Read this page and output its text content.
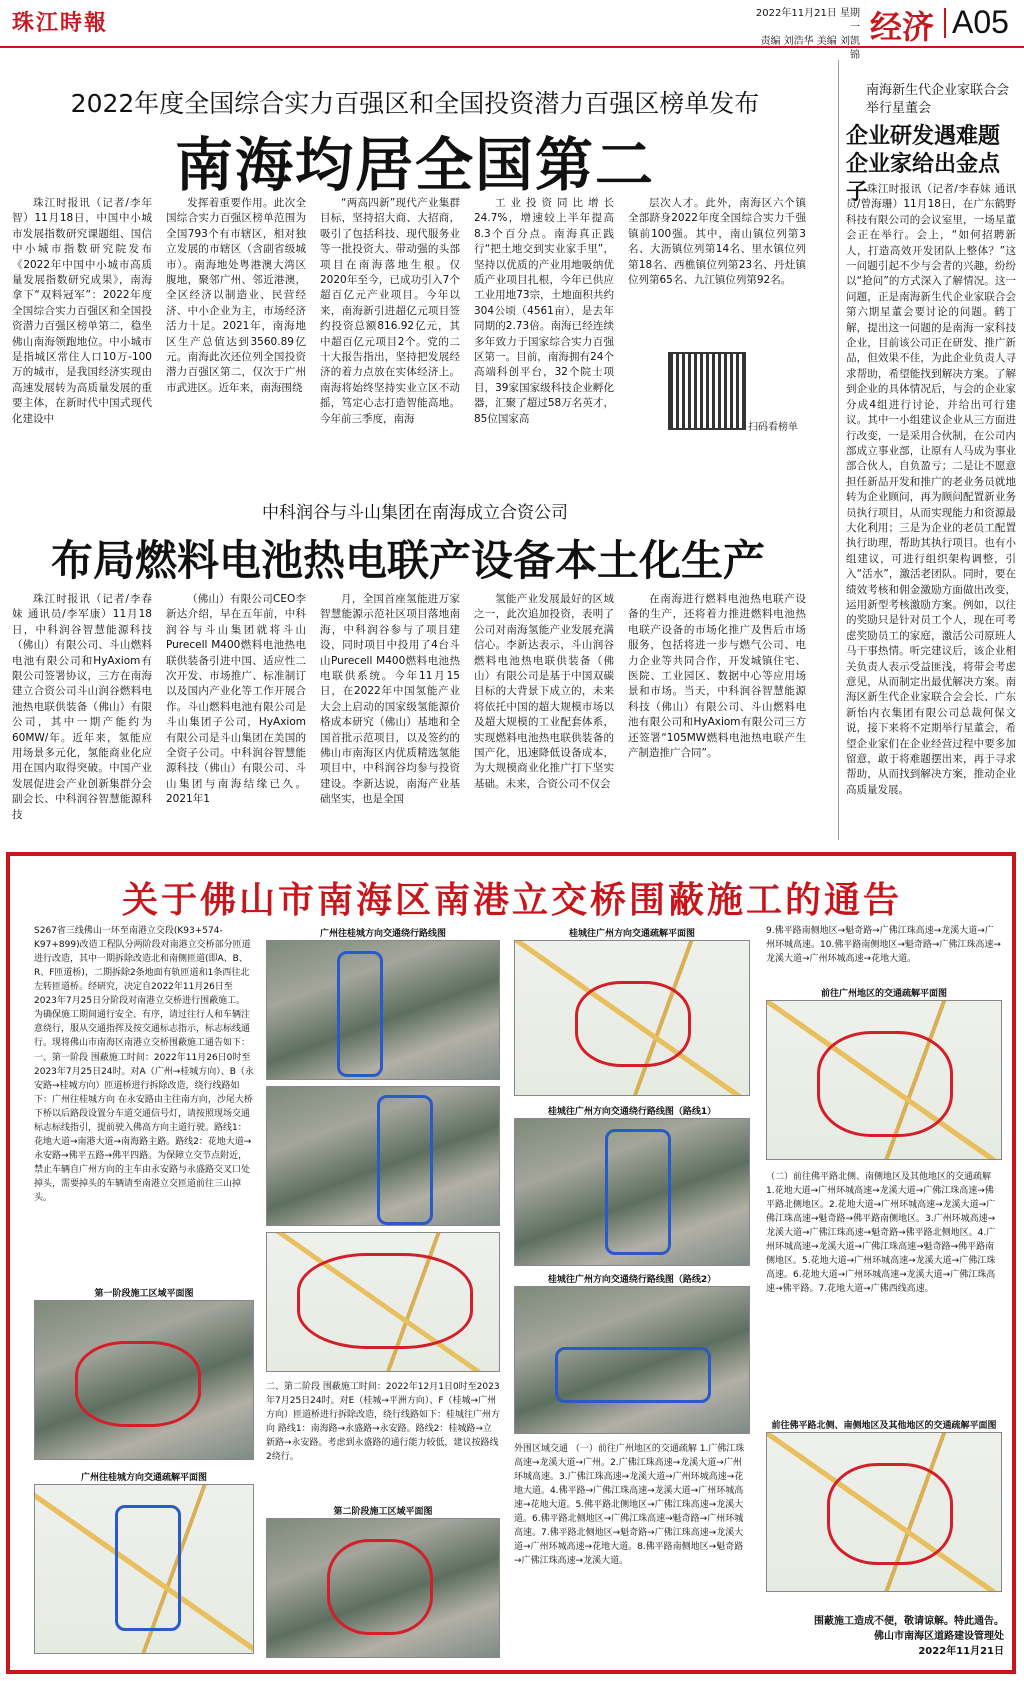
珠江時報	2022年11月21日 星期一
责编 刘浩华 美编 刘凯锦
经济 A05
2022年度全国综合实力百强区和全国投资潜力百强区榜单发布
南海均居全国第二

珠江时报讯（记者/李年智）11月18日，中国中小城市发展指数研究课题组、国信中小城市指数研究院发布《2022年中国中小城市高质量发展指数研究成果》，南海拿下“双料冠军”：2022年度全国综合实力百强区和全国投资潜力百强区榜单第二，稳坐佛山南海领跑地位。中小城市是指城区常住人口10万-100万的城市，是我国经济实现由高速发展转为高质量发展的重要主体，在新时代中国式现代化建设中

发挥着重要作用。此次全国综合实力百强区榜单范围为全国793个有市辖区，相对独立发展的市辖区（含副省级城市）。南海地处粤港澳大湾区腹地，聚邻广州、邻近港澳，全区经济以制造业、民营经济、中小企业为主，市场经济活力十足。2021年，南海地区生产总值达到3560.89亿元。南海此次还位列全国投资潜力百强区第二，仅次于广州市武进区。近年来，南海围绕

“两高四新”现代产业集群目标，坚持招大商、大招商，吸引了包括科技、现代服务业等一批投资大、带动强的头部项目在南海落地生根。仅2020年至今，已成功引入7个超百亿元产业项目。今年以来，南海新引进超亿元项目签约投资总额816.92亿元，其中超百亿元项目2个。党的二十大报告指出，坚持把发展经济的着力点放在实体经济上。南海将始终坚持实业立区不动摇，笃定心志打造智能高地。今年前三季度，南海

工业投资同比增长24.7%，增速较上半年提高8.3个百分点。南海真正践行“把土地交到实业家手里”，坚持以优质的产业用地吸纳优质产业项目扎根，今年已供应工业用地73宗，土地面积共约304公顷（4561亩），是去年同期的2.73倍。南海已经连续多年致力于国家综合实力百强区第一。目前，南海拥有24个高端科创平台，32个院士项目，39家国家级科技企业孵化器，汇聚了超过58万名英才，85位国家高

层次人才。此外，南海区六个镇全部跻身2022年度全国综合实力千强镇前100强。其中，南山镇位列第3名、大沥镇位列第14名、里水镇位列第18名、西樵镇位列第23名、丹灶镇位列第65名、九江镇位列第92名。

扫码看榜单
中科润谷与斗山集团在南海成立合资公司
布局燃料电池热电联产设备本土化生产

珠江时报讯（记者/李春妹 通讯员/李军康）11月18日，中科润谷智慧能源科技（佛山）有限公司、斗山燃料电池有限公司和HyAxiom有限公司签署协议，三方在南海建立合资公司斗山润谷燃料电池热电联供装备（佛山）有限公司，其中一期产能约为60MW/年。近年来，氢能应用场景多元化，氢能商业化应用在国内取得突破。中国产业发展促进会产业创新集群分会副会长、中科润谷智慧能源科技

（佛山）有限公司CEO李新达介绍，早在五年前，中科润谷与斗山集团就将斗山Purecell M400燃料电池热电联供装备引进中国、适应性二次开发、市场推广、标准制订以及国内产业化等工作开展合作。斗山燃料电池有限公司是斗山集团子公司，HyAxiom有限公司是斗山集团在美国的全资子公司。中科润谷智慧能源科技（佛山）有限公司、斗山集团与南海结缘已久。2021年1

月，全国首座氢能进万家智慧能源示范社区项目落地南海，中科润谷参与了项目建设，同时项目中投用了4台斗山Purecell M400燃料电池热电联供系统。今年11月15日，在2022年中国氢能产业大会上启动的国家级氢能源价格成本研究（佛山）基地和全国首批示范项目，以及签约的佛山市南海区内优质精选氢能项目中，中科润谷均参与投资建设。李新达说，南海产业基础坚实，也是全国

氢能产业发展最好的区域之一，此次追加投资，表明了公司对南海氢能产业发展充满信心。李新达表示，斗山润谷燃料电池热电联供装备（佛山）有限公司是基于中国双碳目标的大背景下成立的，未来将依托中国的超大规模市场以及超大规模的工业配套体系，实现燃料电池热电联供装备的国产化，迅速降低设备成本，为大规模商业化推广打下坚实基础。未来，合资公司不仅会

在南海进行燃料电池热电联产设备的生产，还将着力推进燃料电池热电联产设备的市场化推广及售后市场服务，包括将进一步与燃气公司、电力企业等共同合作，开发城镇住宅、医院、工业园区、数据中心等应用场景和市场。当天，中科润谷智慧能源科技（佛山）有限公司、斗山燃料电池有限公司和HyAxiom有限公司三方还签署“105MW燃料电池热电联产生产制造推广合同”。

南海新生代企业家联合会举行星董会
企业研发遇难题 企业家给出金点子

珠江时报讯（记者/李春妹 通讯员/曾海珊）11月18日，在广东鹤野科技有限公司的会议室里，一场星董会正在举行。会上，“如何招聘新人，打造高效开发团队上整体？”这一问题引起不少与会者的兴趣，纷纷以“抢问”的方式深入了解情况。这一问题，正是南海新生代企业家联合会第六期星董会要讨论的问题。鹤丁解，提出这一问题的是南海一家科技企业，目前该公司正在研发、推广新品，但效果不佳，为此企业负责人寻求帮助，希望能找到解决方案。了解到企业的具体情况后，与会的企业家分成4组进行讨论，并给出可行建议。其中一小组建议企业从三方面进行改变，一是采用合伙制，在公司内部成立事业部，让原有人马成为事业部合伙人，自负盈亏；二是让不愿意担任新品开发和推广的老业务员就地转为企业顾问，再为顾问配置新业务员执行项目，从而实现能力和资源最大化利用；三是为企业的老员工配置执行助理，帮助其执行项目。也有小组建议，可进行组织架构调整，引入“活水”，激活老团队。同时，要在绩效考核和佣金激励方面做出改变，运用新型考核激励方案。例如，以往的奖励只是针对员工个人，现在可考虑奖励员工的家庭，激活公司原班人马干事热情。听完建议后，该企业相关负责人表示受益匪浅，将带会考虑意见，从而制定出最优解决方案。南海区新生代企业家联合会会长、广东新怡内衣集团有限公司总裁何保文说，接下来将不定期举行星董会，希望企业家们在企业经营过程中要多加留意，敢于将难题摆出来，再于寻求帮助，从而找到解决方案，推动企业高质量发展。

关于佛山市南海区南港立交桥围蔽施工的通告

S267省三线佛山一环至南港立交段(K93+574-K97+899)改造工程队分两阶段对南港立交桥部分匝道进行改造，其中一期拆除改造北和南侧匝道(即A、B、R、F匝道桥)，二期拆除2条地面有轨匝道和1条西往北左转匝道桥。经研究，决定自2022年11月26日至2023年7月25日分阶段对南港立交桥进行围蔽施工。为确保施工期间通行安全、有序，请过往行人和车辆注意绕行，服从交通指挥及按交通标志指示，标志标线通行。现将佛山市南海区南港立交桥围蔽施工通告如下：

一、第一阶段 围蔽施工时间：2022年11月26日0时至2023年7月25日24时。对A（广州→桂城方向）、B（永安路→桂城方向）匝道桥进行拆除改造，绕行线路如下：广州往桂城方向 在永安路由主往南方向，沙尾大桥下桥以后路段设置分车道交通信号灯，请按照现场交通标志标线指引，提前驶入佛高方向主道行驶。路线1：花地大道→南港大道→南海路主路。路线2：花地大道→永安路→佛平五路→佛平四路。为保障立交节点附近，禁止车辆自广州方向的主车由永安路与永盛路交叉口处掉头，需要掉头的车辆请至南港立交匝道前往三山掉头。

第一阶段施工区域平面图
广州往桂城方向交通疏解平面图
广州往桂城方向交通绕行路线图

二、第二阶段 围蔽施工时间：2022年12月1日0时至2023年7月25日24时。对E（桂城→平洲方向）、F（桂城→广州方向）匝道桥进行拆除改造，绕行线路如下：桂城往广州方向 路线1：南海路→永盛路→永安路。路线2：桂城路→立新路→永安路。考虑到永盛路的通行能力较低，建议按路线2绕行。

第二阶段施工区域平面图
桂城往广州方向交通疏解平面图
桂城往广州方向交通绕行路线图（路线1）
桂城往广州方向交通绕行路线图（路线2）

外围区域交通 （一）前往广州地区的交通疏解 1.广佛江珠高速→龙溪大道→广州。2.广佛江珠高速→龙溪大道→广州环城高速。3.广佛江珠高速→龙溪大道→广州环城高速→花地大道。4.佛平路→广佛江珠高速→龙溪大道→广州环城高速→花地大道。5.佛平路北侧地区→广佛江珠高速→龙溪大道。6.佛平路北侧地区→广佛江珠高速→魁奇路→广州环城高速。7.佛平路北侧地区→魁奇路→广佛江珠高速→龙溪大道→广州环城高速→花地大道。8.佛平路南侧地区→魁奇路→广佛江珠高速→龙溪大道。

9.佛平路南侧地区→魁奇路→广佛江珠高速→龙溪大道→广州环城高速。10.佛平路南侧地区→魁奇路→广佛江珠高速→龙溪大道→广州环城高速→花地大道。

前往广州地区的交通疏解平面图

（二）前往佛平路北侧、南侧地区及其他地区的交通疏解 1.花地大道→广州环城高速→龙溪大道→广佛江珠高速→佛平路北侧地区。2.花地大道→广州环城高速→龙溪大道→广佛江珠高速→魁奇路→佛平路南侧地区。3.广州环城高速→龙溪大道→广佛江珠高速→魁奇路→佛平路北侧地区。4.广州环城高速→龙溪大道→广佛江珠高速→魁奇路→佛平路南侧地区。5.花地大道→广州环城高速→龙溪大道→广佛江珠高速。6.花地大道→广州环城高速→龙溪大道→广佛江珠高速→佛平路。7.花地大道→广佛西线高速。

前往佛平路北侧、南侧地区及其他地区的交通疏解平面图
围蔽施工造成不便，敬请谅解。特此通告。
佛山市南海区道路建设管理处
2022年11月21日
